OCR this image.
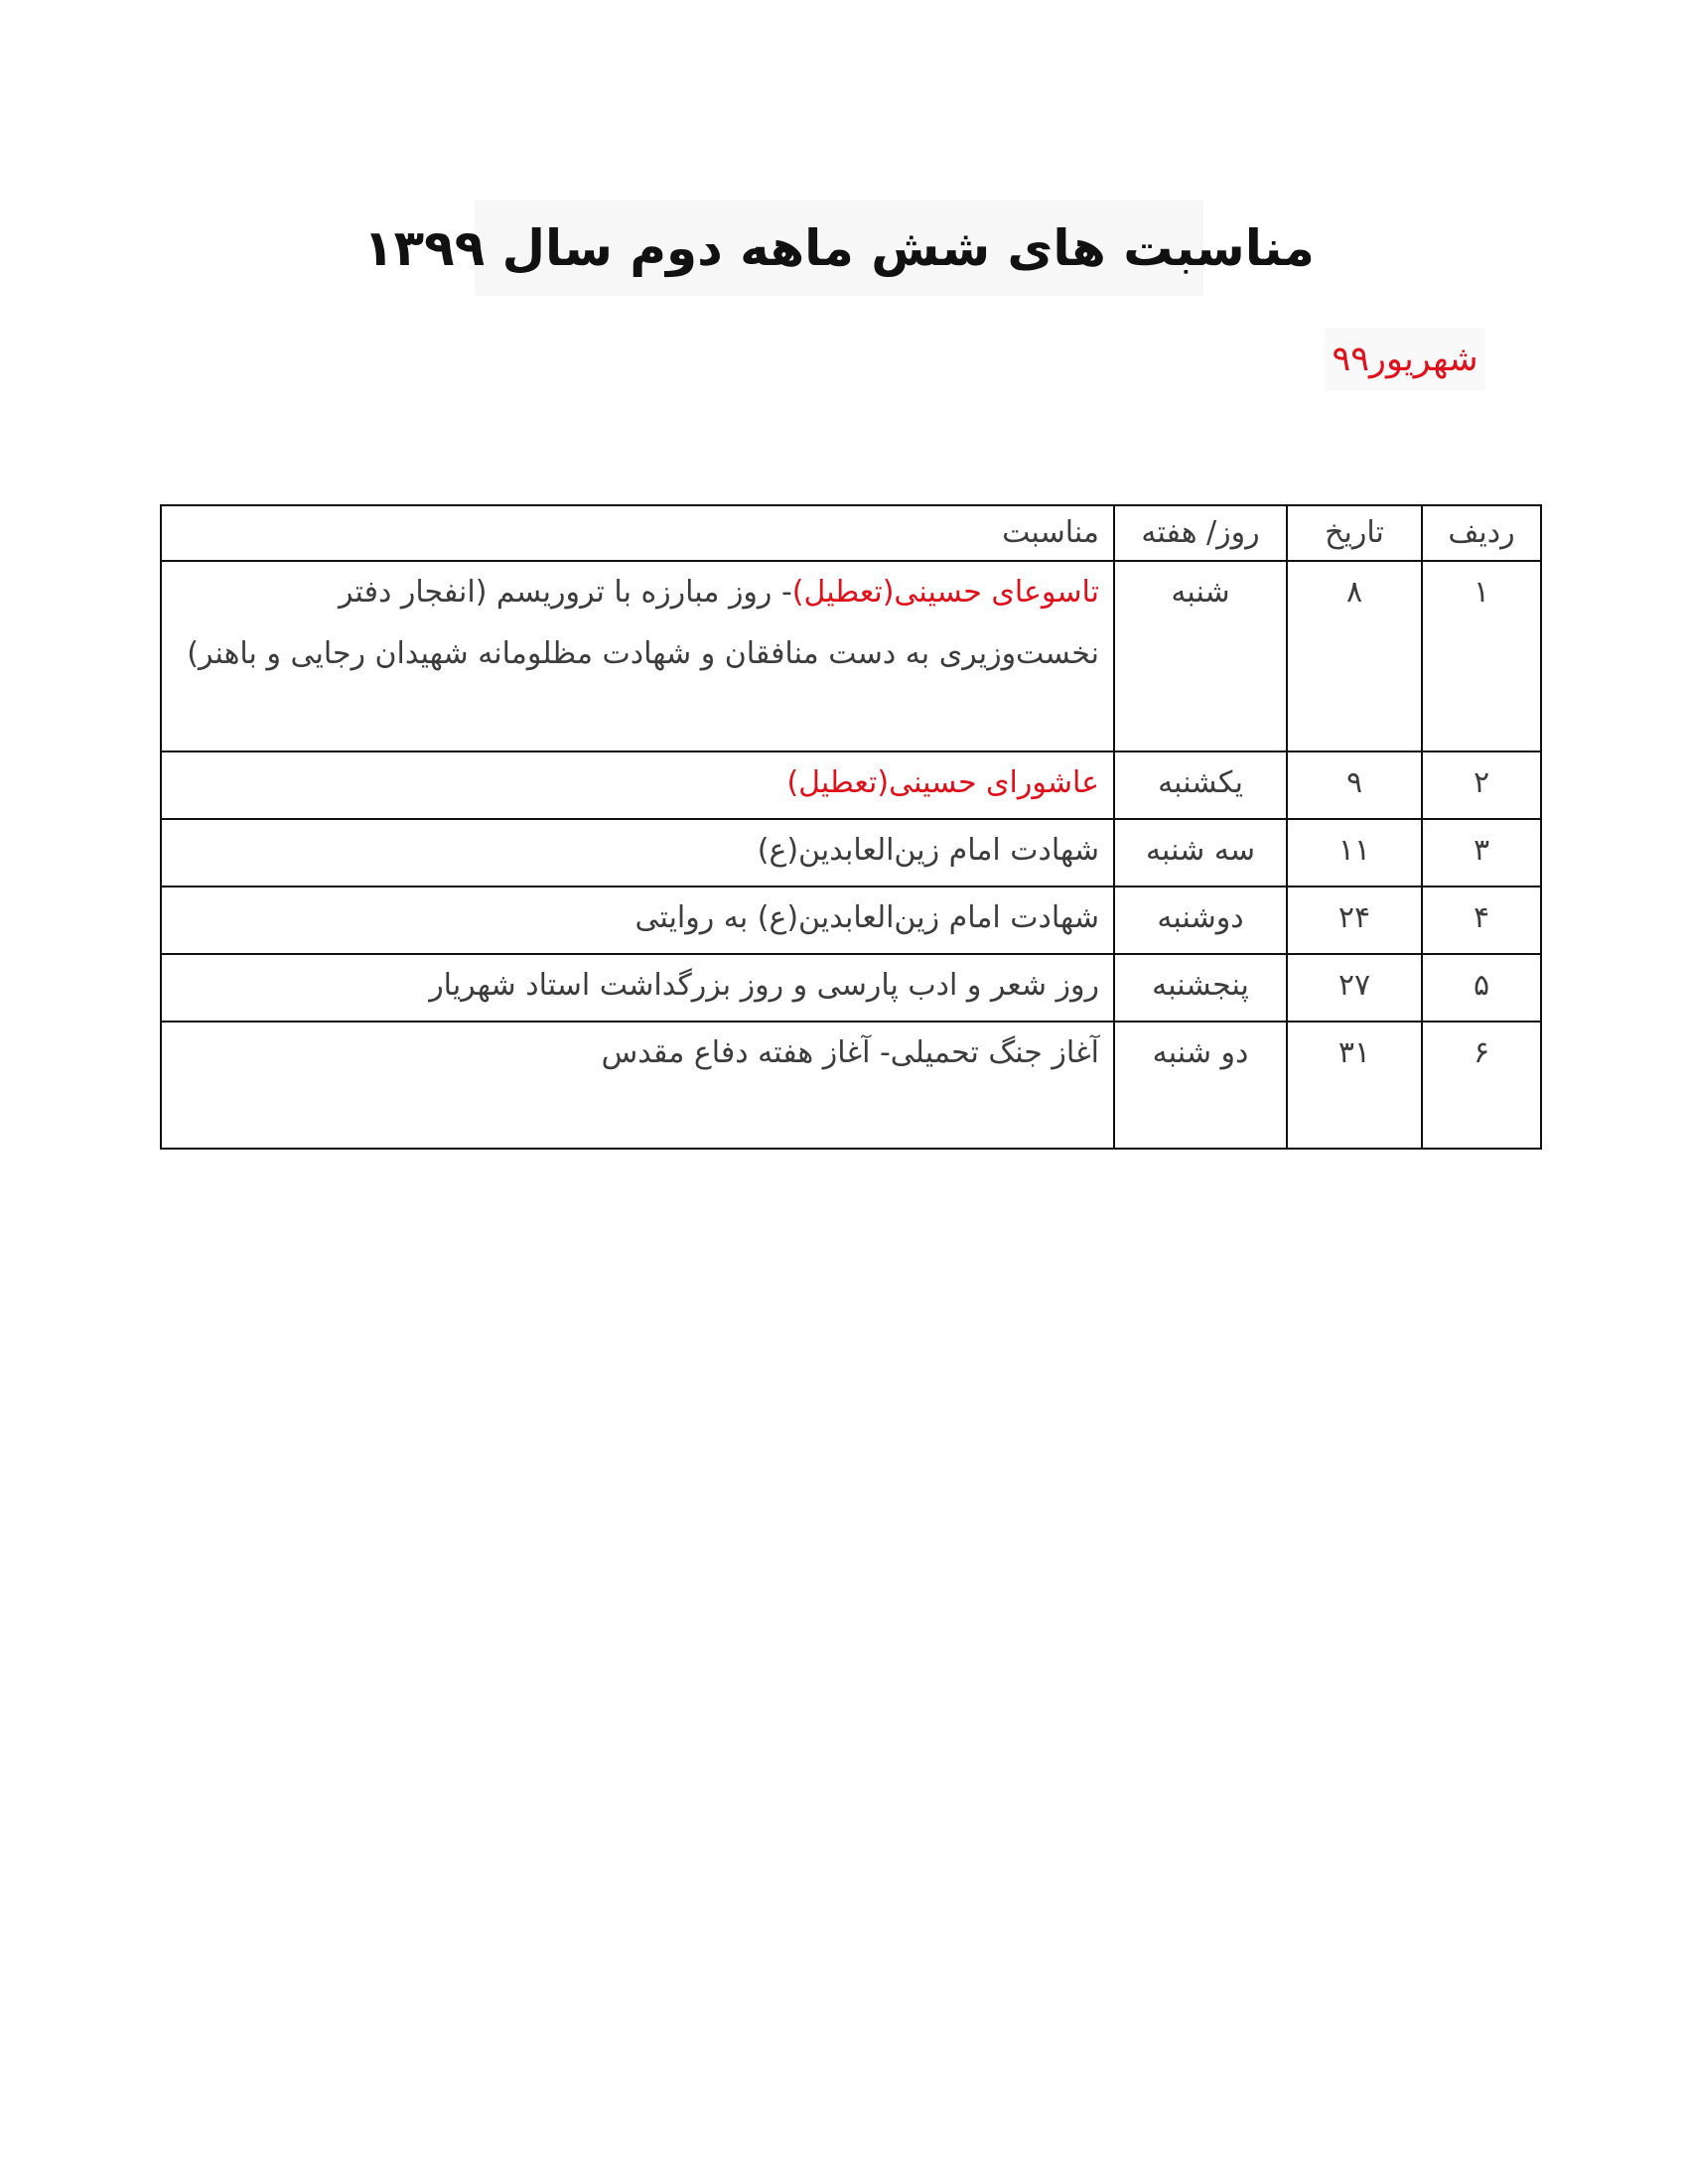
مناسبت های شش ماهه دوم سال ۱۳۹۹
شهریور۹۹
ردیف	تاریخ	روز/ هفته	مناسبت
۱	۸	شنبه	تاسوعای حسینی(تعطیل)- روز مبارزه با تروریسم (انفجار دفتر نخست‌وزیری به دست منافقان و شهادت مظلومانه شهیدان رجایی و باهنر)
۲	۹	یکشنبه	عاشورای حسینی(تعطیل)
۳	۱۱	سه شنبه	شهادت امام زین‌العابدین(ع)
۴	۲۴	دوشنبه	شهادت امام زین‌العابدین(ع) به روایتی
۵	۲۷	پنجشنبه	روز شعر و ادب پارسی و روز بزرگداشت استاد شهریار
۶	۳۱	دو شنبه	آغاز جنگ تحمیلی- آغاز هفته دفاع مقدس
